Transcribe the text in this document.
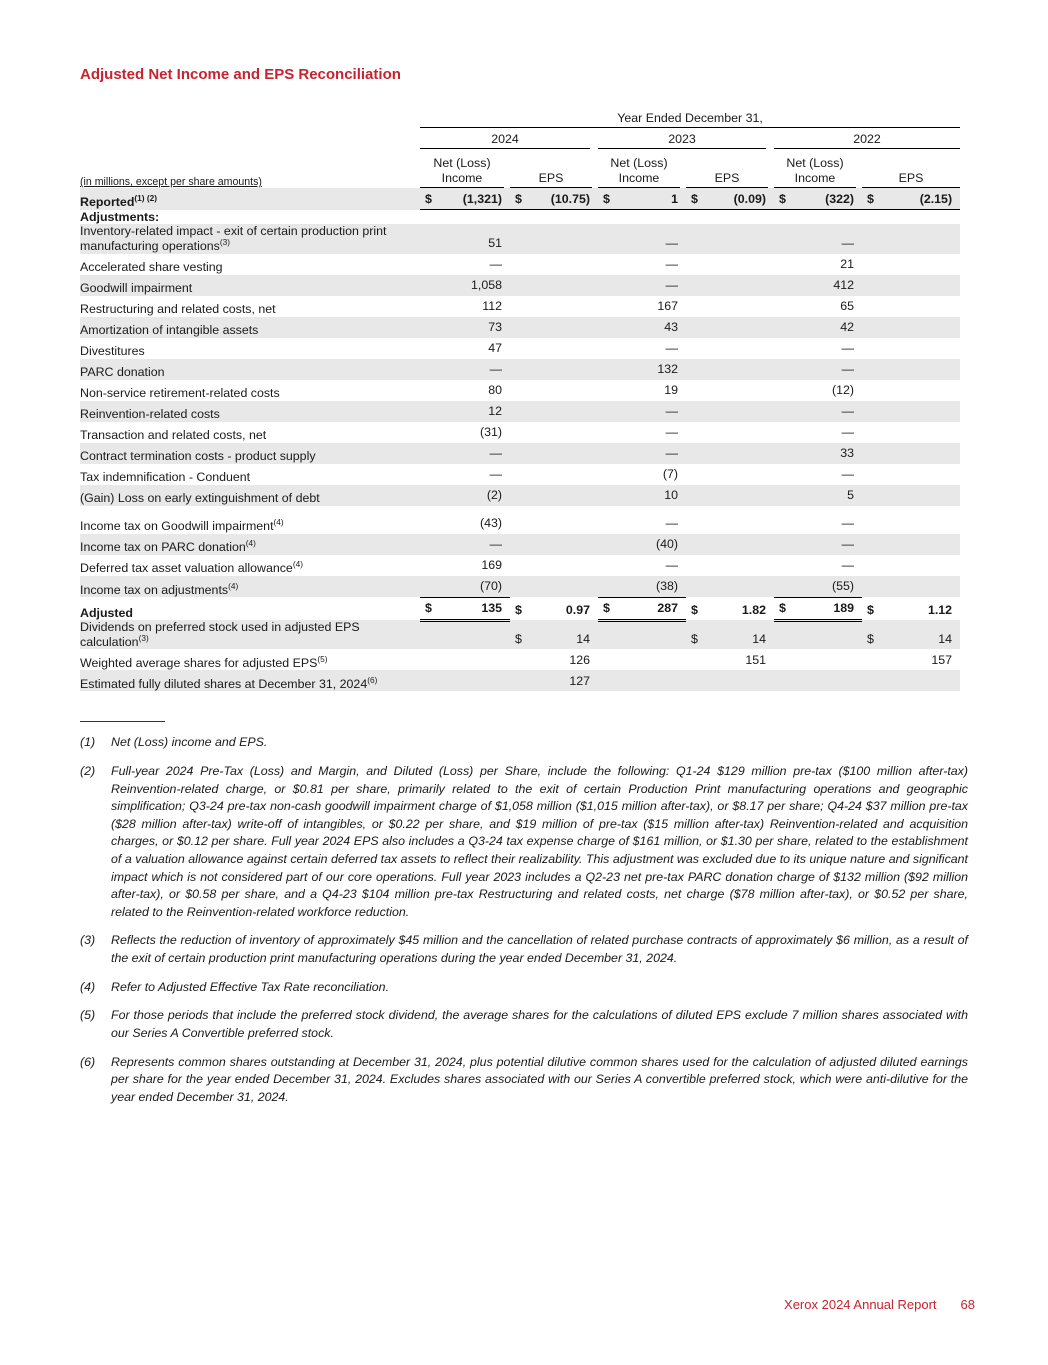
Adjusted Net Income and EPS Reconciliation

	Year Ended December 31,					

	2024		2023		2022	

(in millions, except per share amounts)	Net (Loss)
Income	EPS	Net (Loss)
Income	EPS	Net (Loss)
Income	EPS

Reported$^{(1) (2)}$	$ (1,321)	$ (10.75)	$ 1	$ (0.09)	$ (322)	$ (2.15)

Adjustments:	

Inventory-related impact - exit of certain production print manufacturing operations$^{(3)}$	51		—		—	

Accelerated share vesting	—		—		21	

Goodwill impairment	1,058		—		412	

Restructuring and related costs, net	112		167		65	

Amortization of intangible assets	73		43		42	

Divestitures	47		—		—	

PARC donation	—		132		—	

Non-service retirement-related costs	80		19		(12)	

Reinvention-related costs	12		—		—	

Transaction and related costs, net	(31)		—		—	

Contract termination costs - product supply	—		—		33	

Tax indemnification - Conduent	—		(7)		—	

(Gain) Loss on early extinguishment of debt	(2)		10		5	

Income tax on Goodwill impairment$^{(4)}$	(43)		—		—	

Income tax on PARC donation$^{(4)}$	—		(40)		—	

Deferred tax asset valuation allowance$^{(4)}$	169		—		—	

Income tax on adjustments$^{(4)}$	(70)		(38)		(55)	

Adjusted	$ 135	$ 0.97	$ 287	$ 1.82	$ 189	$ 1.12

Dividends on preferred stock used in adjusted EPS calculation$^{(3)}$		$ 14		$ 14		$ 14

Weighted average shares for adjusted EPS$^{(5)}$		126		151		157

Estimated fully diluted shares at December 31, 2024$^{(6)}$		127				

(1)	Net (Loss) income and EPS.
(2)	Full-year 2024 Pre-Tax (Loss) and Margin, and Diluted (Loss) per Share, include the following: Q1-24 $129 million pre-tax ($100 million after-tax) Reinvention-related charge, or $0.81 per share, primarily related to the exit of certain Production Print manufacturing operations and geographic simplification; Q3-24 pre-tax non-cash goodwill impairment charge of $1,058 million ($1,015 million after-tax), or $8.17 per share; Q4-24 $37 million pre-tax ($28 million after-tax) write-off of intangibles, or $0.22 per share, and $19 million of pre-tax ($15 million after-tax) Reinvention-related and acquisition charges, or $0.12 per share. Full year 2024 EPS also includes a Q3-24 tax expense charge of $161 million, or $1.30 per share, related to the establishment of a valuation allowance against certain deferred tax assets to reflect their realizability. This adjustment was excluded due to its unique nature and significant impact which is not considered part of our core operations. Full year 2023 includes a Q2-23 net pre-tax PARC donation charge of $132 million ($92 million after-tax), or $0.58 per share, and a Q4-23 $104 million pre-tax Restructuring and related costs, net charge ($78 million after-tax), or $0.52 per share, related to the Reinvention-related workforce reduction.
(3)	Reflects the reduction of inventory of approximately $45 million and the cancellation of related purchase contracts of approximately $6 million, as a result of the exit of certain production print manufacturing operations during the year ended December 31, 2024.
(4)	Refer to Adjusted Effective Tax Rate reconciliation.
(5)	For those periods that include the preferred stock dividend, the average shares for the calculations of diluted EPS exclude 7 million shares associated with our Series A Convertible preferred stock.
(6)	Represents common shares outstanding at December 31, 2024, plus potential dilutive common shares used for the calculation of adjusted diluted earnings per share for the year ended December 31, 2024. Excludes shares associated with our Series A convertible preferred stock, which were anti-dilutive for the year ended December 31, 2024.
Xerox 2024 Annual Report 68
